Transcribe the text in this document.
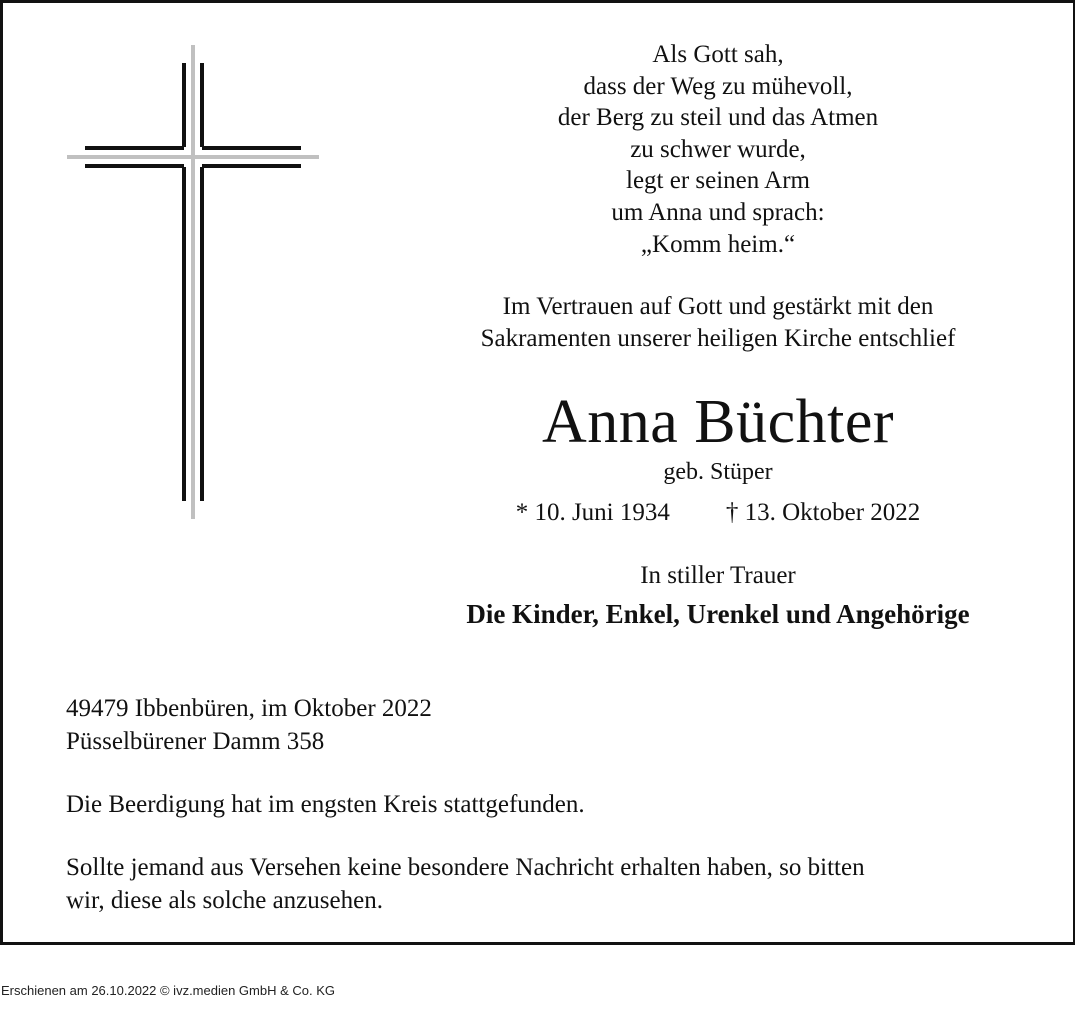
Als Gott sah,
dass der Weg zu mühevoll,
der Berg zu steil und das Atmen
zu schwer wurde,
legt er seinen Arm
um Anna und sprach:
„Komm heim.“
Im Vertrauen auf Gott und gestärkt mit den
Sakramenten unserer heiligen Kirche entschlief
Anna Büchter
geb. Stüper
* 10. Juni 1934 † 13. Oktober 2022
In stiller Trauer
Die Kinder, Enkel, Urenkel und Angehörige
49479 Ibbenbüren, im Oktober 2022
Püsselbürener Damm 358
Die Beerdigung hat im engsten Kreis stattgefunden.
Sollte jemand aus Versehen keine besondere Nachricht erhalten haben, so bitten
wir, diese als solche anzusehen.
Erschienen am 26.10.2022 © ivz.medien GmbH & Co. KG
